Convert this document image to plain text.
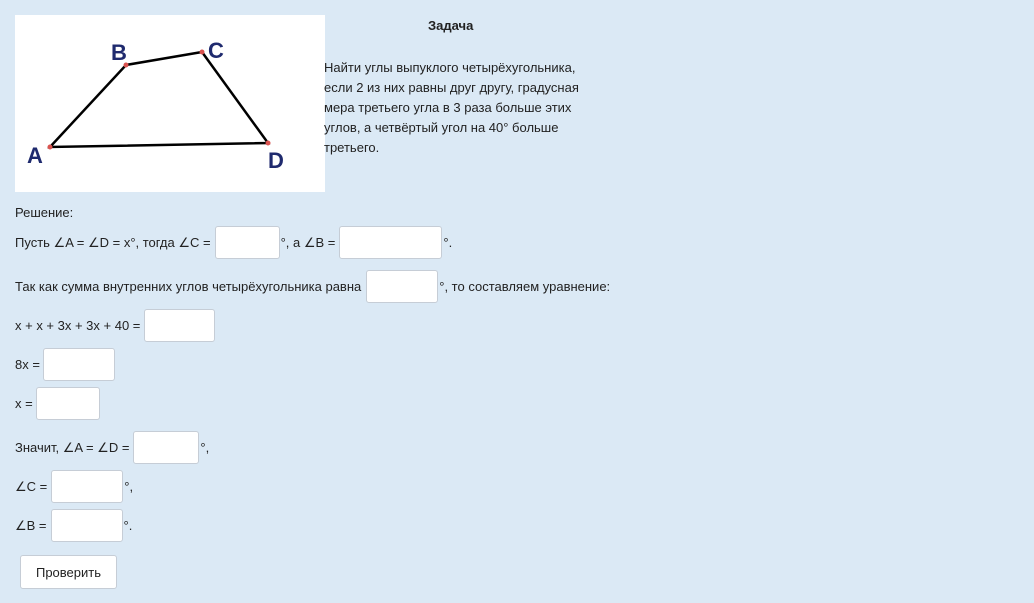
A
B	C
D
Задача
Найти углы выпуклого четырёхугольника, если 2 из них равны друг другу, градусная мера третьего угла в 3 раза больше этих углов, а четвёртый угол на 40° больше третьего.
Решение:
Пусть ∠A = ∠D = x°, тогда ∠C =	°, а ∠B =	°.
Так как сумма внутренних углов четырёхугольника равна	°, то составляем уравнение:
x + x + 3x + 3x + 40 =
8x =
x =
Значит, ∠A = ∠D =	°,
∠C =	°,
∠B =	°.
Проверить
